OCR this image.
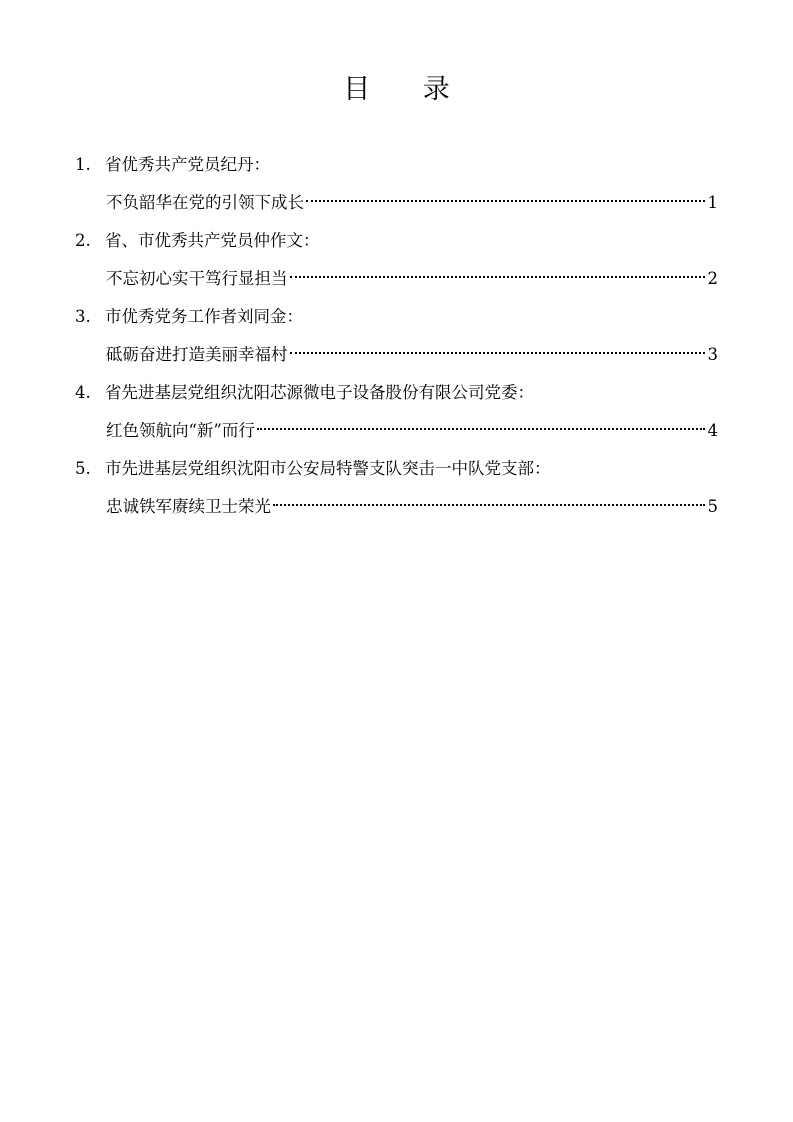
目 录
1. 省优秀共产党员纪丹：
不负韶华在党的引领下成长	1
2. 省、市优秀共产党员仲作文：
不忘初心实干笃行显担当	2
3. 市优秀党务工作者刘同金：
砥砺奋进打造美丽幸福村	3
4. 省先进基层党组织沈阳芯源微电子设备股份有限公司党委：
红色领航向“新”而行	4
5. 市先进基层党组织沈阳市公安局特警支队突击一中队党支部：
忠诚铁军赓续卫士荣光	5
